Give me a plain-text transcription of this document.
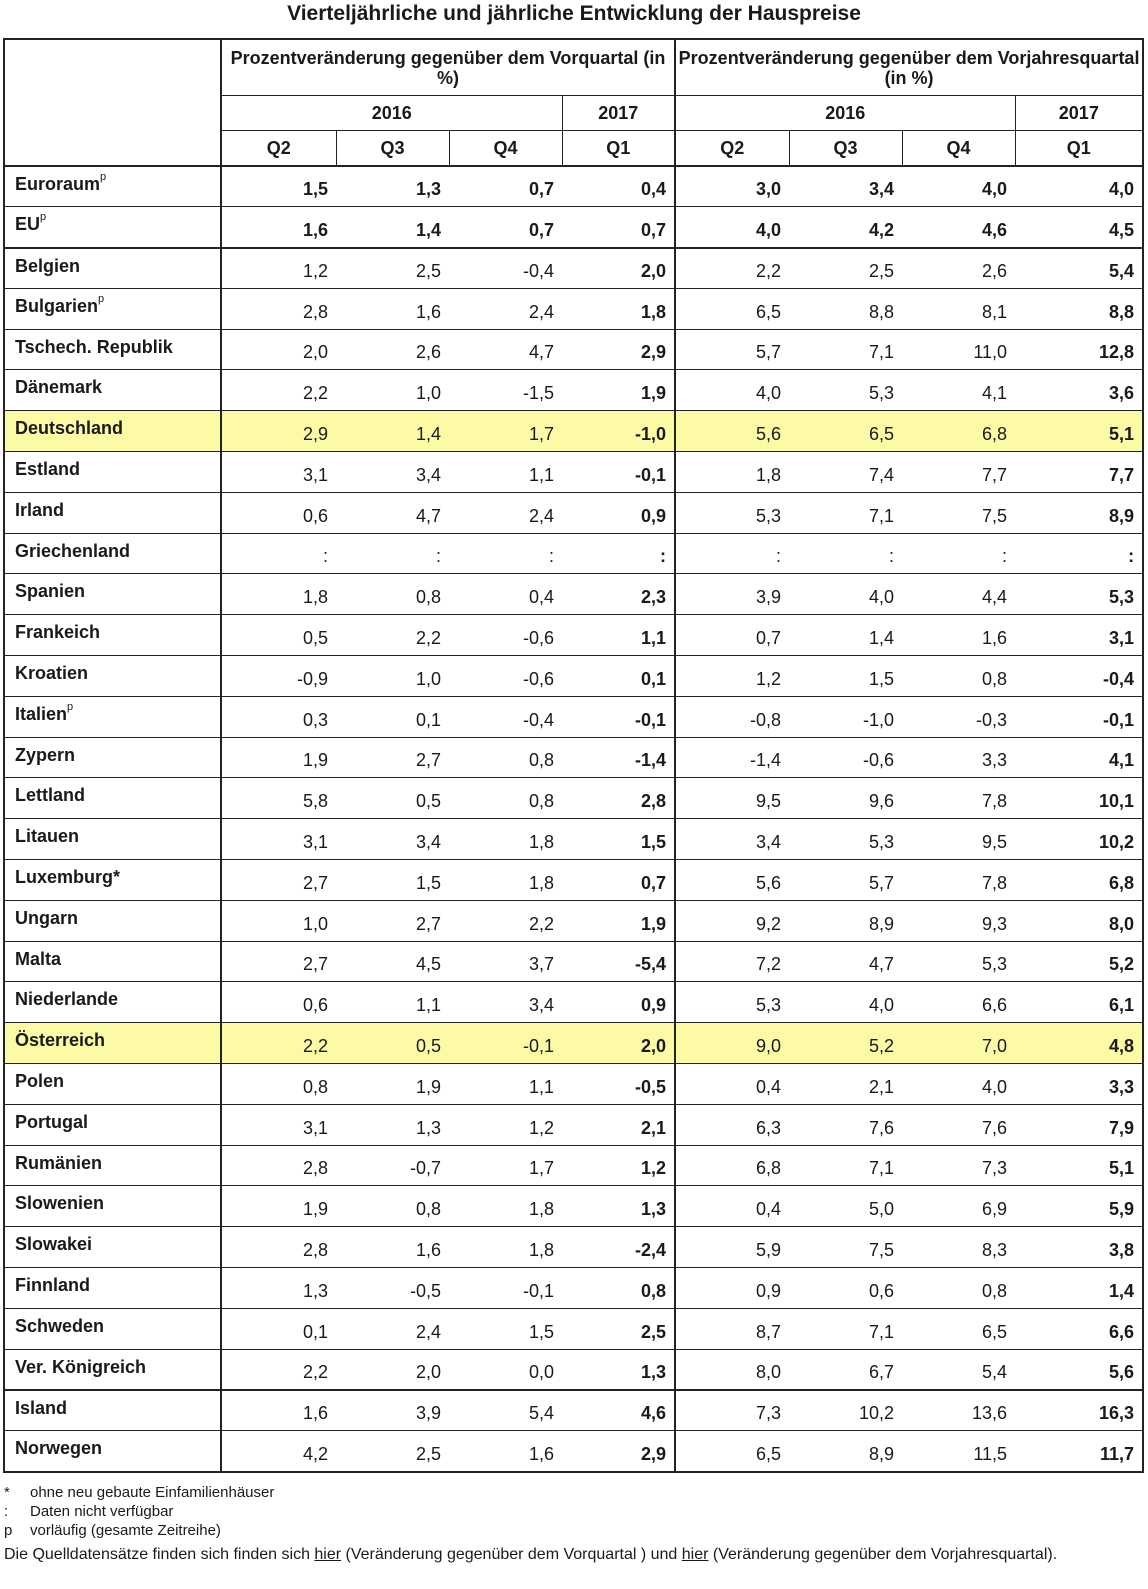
Vierteljährliche und jährliche Entwicklung der Hauspreise
	Prozentveränderung gegenüber dem Vorquartal (in %)				Prozentveränderung gegenüber dem Vorjahresquartal (in %)			
	2016			2017	2016			2017
	Q2	Q3	Q4	Q1	Q2	Q3	Q4	Q1
Euroraum$^p$	1,5	1,3	0,7	0,4	3,0	3,4	4,0	4,0
$EU^p$	1,6	1,4	0,7	0,7	4,0	4,2	4,6	4,5
Belgien	1,2	2,5	-0,4	2,0	2,2	2,5	2,6	5,4
Bulgarien$^p$	2,8	1,6	2,4	1,8	6,5	8,8	8,1	8,8
Tschech. Republik	2,0	2,6	4,7	2,9	5,7	7,1	11,0	12,8
Dänemark	2,2	1,0	-1,5	1,9	4,0	5,3	4,1	3,6
Deutschland	2,9	1,4	1,7	-1,0	5,6	6,5	6,8	5,1
Estland	3,1	3,4	1,1	-0,1	1,8	7,4	7,7	7,7
Irland	0,6	4,7	2,4	0,9	5,3	7,1	7,5	8,9
Griechenland	:	:	:	:	:	:	:	:
Spanien	1,8	0,8	0,4	2,3	3,9	4,0	4,4	5,3
Frankeich	0,5	2,2	-0,6	1,1	0,7	1,4	1,6	3,1
Kroatien	-0,9	1,0	-0,6	0,1	1,2	1,5	0,8	-0,4
Italien$^p$	0,3	0,1	-0,4	-0,1	-0,8	-1,0	-0,3	-0,1
Zypern	1,9	2,7	0,8	-1,4	-1,4	-0,6	3,3	4,1
Lettland	5,8	0,5	0,8	2,8	9,5	9,6	7,8	10,1
Litauen	3,1	3,4	1,8	1,5	3,4	5,3	9,5	10,2
Luxemburg*	2,7	1,5	1,8	0,7	5,6	5,7	7,8	6,8
Ungarn	1,0	2,7	2,2	1,9	9,2	8,9	9,3	8,0
Malta	2,7	4,5	3,7	-5,4	7,2	4,7	5,3	5,2
Niederlande	0,6	1,1	3,4	0,9	5,3	4,0	6,6	6,1
Österreich	2,2	0,5	-0,1	2,0	9,0	5,2	7,0	4,8
Polen	0,8	1,9	1,1	-0,5	0,4	2,1	4,0	3,3
Portugal	3,1	1,3	1,2	2,1	6,3	7,6	7,6	7,9
Rumänien	2,8	-0,7	1,7	1,2	6,8	7,1	7,3	5,1
Slowenien	1,9	0,8	1,8	1,3	0,4	5,0	6,9	5,9
Slowakei	2,8	1,6	1,8	-2,4	5,9	7,5	8,3	3,8
Finnland	1,3	-0,5	-0,1	0,8	0,9	0,6	0,8	1,4
Schweden	0,1	2,4	1,5	2,5	8,7	7,1	6,5	6,6
Ver. Königreich	2,2	2,0	0,0	1,3	8,0	6,7	5,4	5,6
Island	1,6	3,9	5,4	4,6	7,3	10,2	13,6	16,3
Norwegen	4,2	2,5	1,6	2,9	6,5	8,9	11,5	11,7
*	ohne neu gebaute Einfamilienhäuser
:	Daten nicht verfügbar
p	vorläufig (gesamte Zeitreihe)
Die Quelldatensätze finden sich finden sich hier (Veränderung gegenüber dem Vorquartal ) und hier (Veränderung gegenüber dem Vorjahresquartal).
